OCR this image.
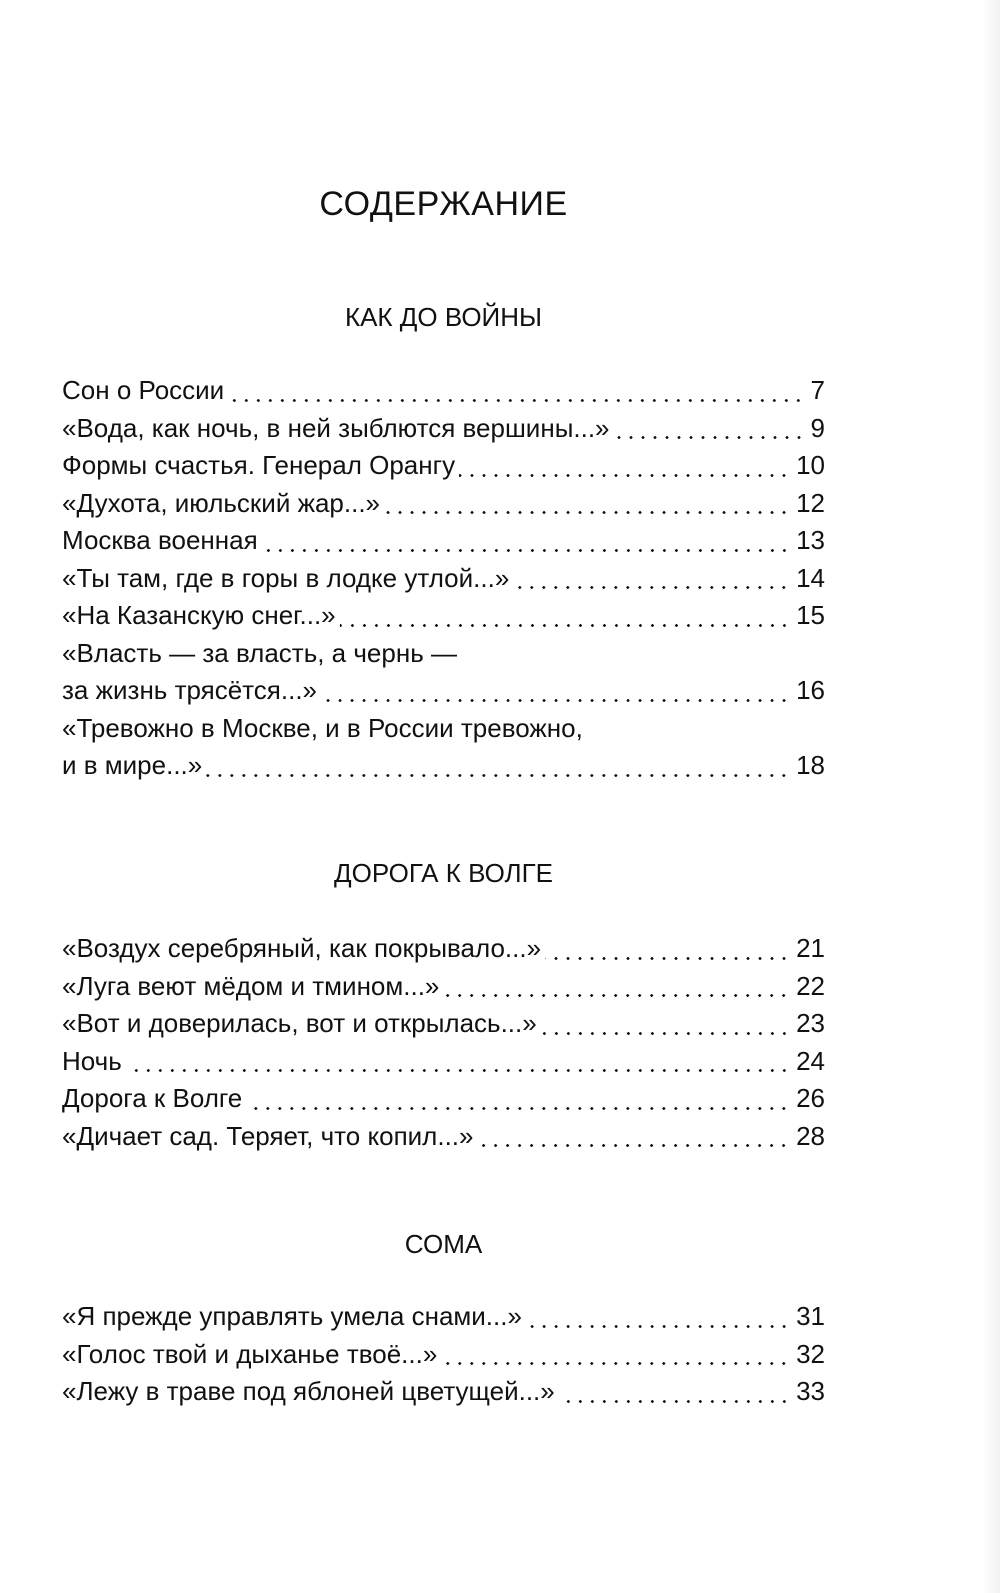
СОДЕРЖАНИЕ
КАК ДО ВОЙНЫ
Сон о России	7
«Вода, как ночь, в ней зыблются вершины...»	9
Формы счастья. Генерал Орангу	10
«Духота, июльский жар...»	12
Москва военная	13
«Ты там, где в горы в лодке утлой...»	14
«На Казанскую снег...»	15
«Власть — за власть, а чернь —
за жизнь трясётся...»	16
«Тревожно в Москве, и в России тревожно,
и в мире...»	18
ДОРОГА К ВОЛГЕ
«Воздух серебряный, как покрывало...»	21
«Луга веют мёдом и тмином...»	22
«Вот и доверилась, вот и открылась...»	23
Ночь	24
Дорога к Волге	26
«Дичает сад. Теряет, что копил...»	28
СОМА
«Я прежде управлять умела снами...»	31
«Голос твой и дыханье твоё...»	32
«Лежу в траве под яблоней цветущей...»	33
